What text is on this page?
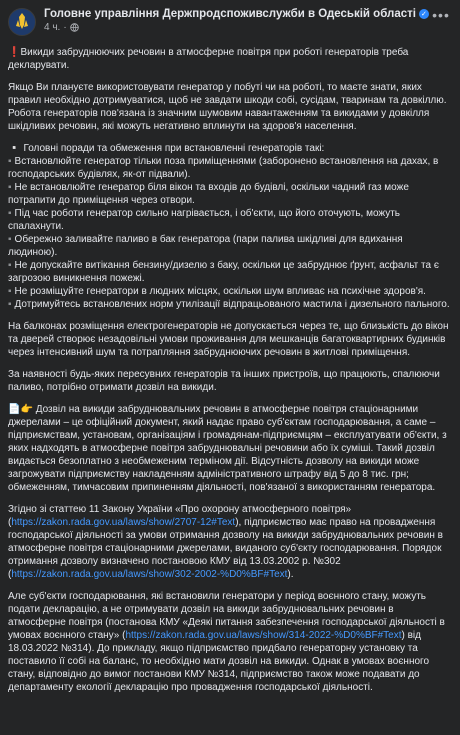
Головне управління Держпродспоживслужби в Одеській області ✓
4 ч. ·
•••

❗Викиди забруднюючих речовин в атмосферне повітря при роботі генераторів треба декларувати.

Якщо Ви плануєте використовувати генератор у побуті чи на роботі, то маєте знати, яких правил необхідно дотримуватися, щоб не завдати шкоди собі, сусідам, тваринам та довкіллю. Робота генераторів пов'язана із значним шумовим навантаженням та викидами у довкілля шкідливих речовин, які можуть негативно вплинути на здоров'я населення.

▫️ Головні поради та обмеження при встановленні генераторів такі:
▪ Встановлюйте генератор тільки поза приміщеннями (заборонено встановлення на дахах, в господарських будівлях, як-от підвали).
▪ Не встановлюйте генератор біля вікон та входів до будівлі, оскільки чадний газ може потрапити до приміщення через отвори.
▪ Під час роботи генератор сильно нагрівається, і об'єкти, що його оточують, можуть спалахнути.
▪ Обережно заливайте паливо в бак генератора (пари палива шкідливі для вдихання людиною).
▪ Не допускайте витікання бензину/дизелю з баку, оскільки це забруднює ґрунт, асфальт та є загрозою виникнення пожежі.
▪ Не розміщуйте генератори в людних місцях, оскільки шум впливає на психічне здоров'я.
▪ Дотримуйтесь встановлених норм утилізації відпрацьованого мастила і дизельного пального.

На балконах розміщення електрогенераторів не допускається через те, що близькість до вікон та дверей створює незадовільні умови проживання для мешканців багатоквартирних будинків через інтенсивний шум та потрапляння забруднюючих речовин в житлові приміщення.

За наявності будь-яких пересувних генераторів та інших пристроїв, що працюють, спалюючи паливо, потрібно отримати дозвіл на викиди.

📄👉 Дозвіл на викиди забруднювальних речовин в атмосферне повітря стаціонарними джерелами – це офіційний документ, який надає право суб'єктам господарювання, а саме – підприємствам, установам, організаціям і громадянам-підприємцям – експлуатувати об'єкти, з яких надходять в атмосферне повітря забруднювальні речовини або їх суміші. Такий дозвіл видається безоплатно з необмеженим терміном дії. Відсутність дозволу на викиди може загрожувати підприємству накладенням адміністративного штрафу від 5 до 8 тис. грн; обмеженням, тимчасовим припиненням діяльності, пов'язаної з використанням генератора.

Згідно зі статтею 11 Закону України «Про охорону атмосферного повітря» (https://zakon.rada.gov.ua/laws/show/2707-12#Text), підприємство має право на провадження господарської діяльності за умови отримання дозволу на викиди забруднювальних речовин в атмосферне повітря стаціонарними джерелами, виданого суб'єкту господарювання. Порядок отримання дозволу визначено постановою КМУ від 13.03.2002 р. №302 (https://zakon.rada.gov.ua/laws/show/302-2002-%D0%BF#Text).

Але суб'єкти господарювання, які встановили генератори у період воєнного стану, можуть подати декларацію, а не отримувати дозвіл на викиди забруднювальних речовин в атмосферне повітря (постанова КМУ «Деякі питання забезпечення господарської діяльності в умовах воєнного стану» (https://zakon.rada.gov.ua/laws/show/314-2022-%D0%BF#Text) від 18.03.2022 №314). До прикладу, якщо підприємство придбало генераторну установку та поставило її собі на баланс, то необхідно мати дозвіл на викиди. Однак в умовах воєнного стану, відповідно до вимог постанови КМУ №314, підприємство також може подавати до департаменту екології декларацію про провадження господарської діяльності.
